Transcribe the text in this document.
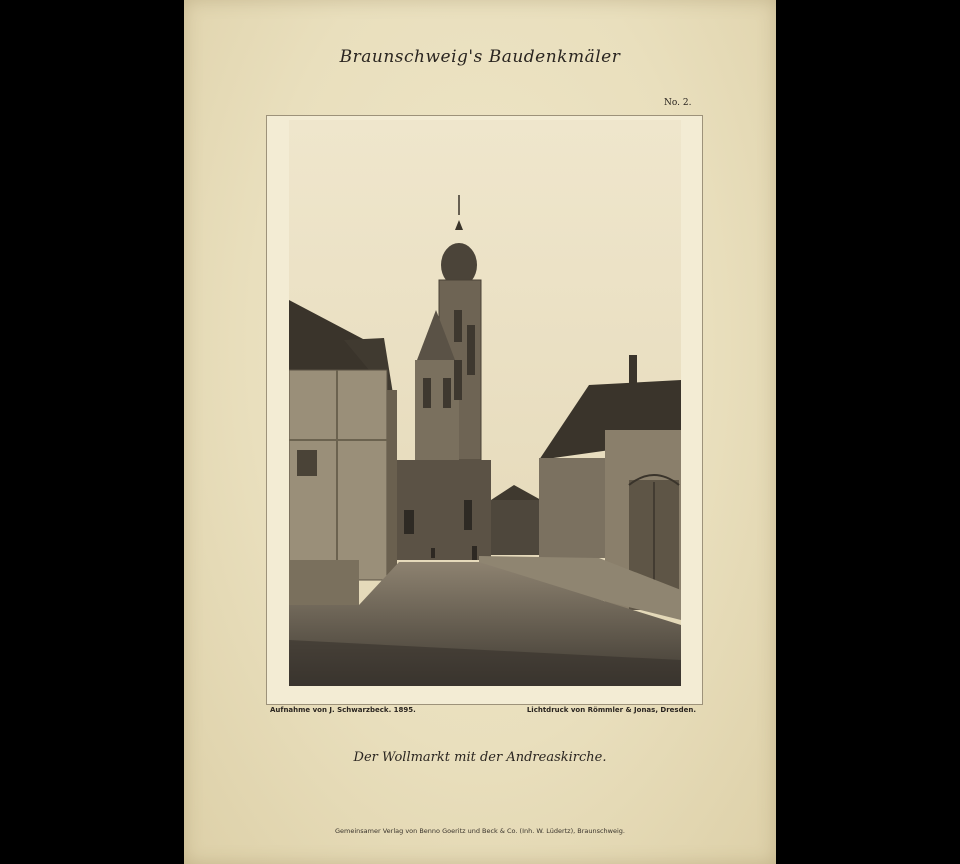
Braunschweig's Baudenkmäler
No. 2.
Aufnahme von J. Schwarzbeck. 1895.	Lichtdruck von Römmler & Jonas, Dresden.
Der Wollmarkt mit der Andreaskirche.
Gemeinsamer Verlag von Benno Goeritz und Beck & Co. (Inh. W. Lüdertz), Braunschweig.
